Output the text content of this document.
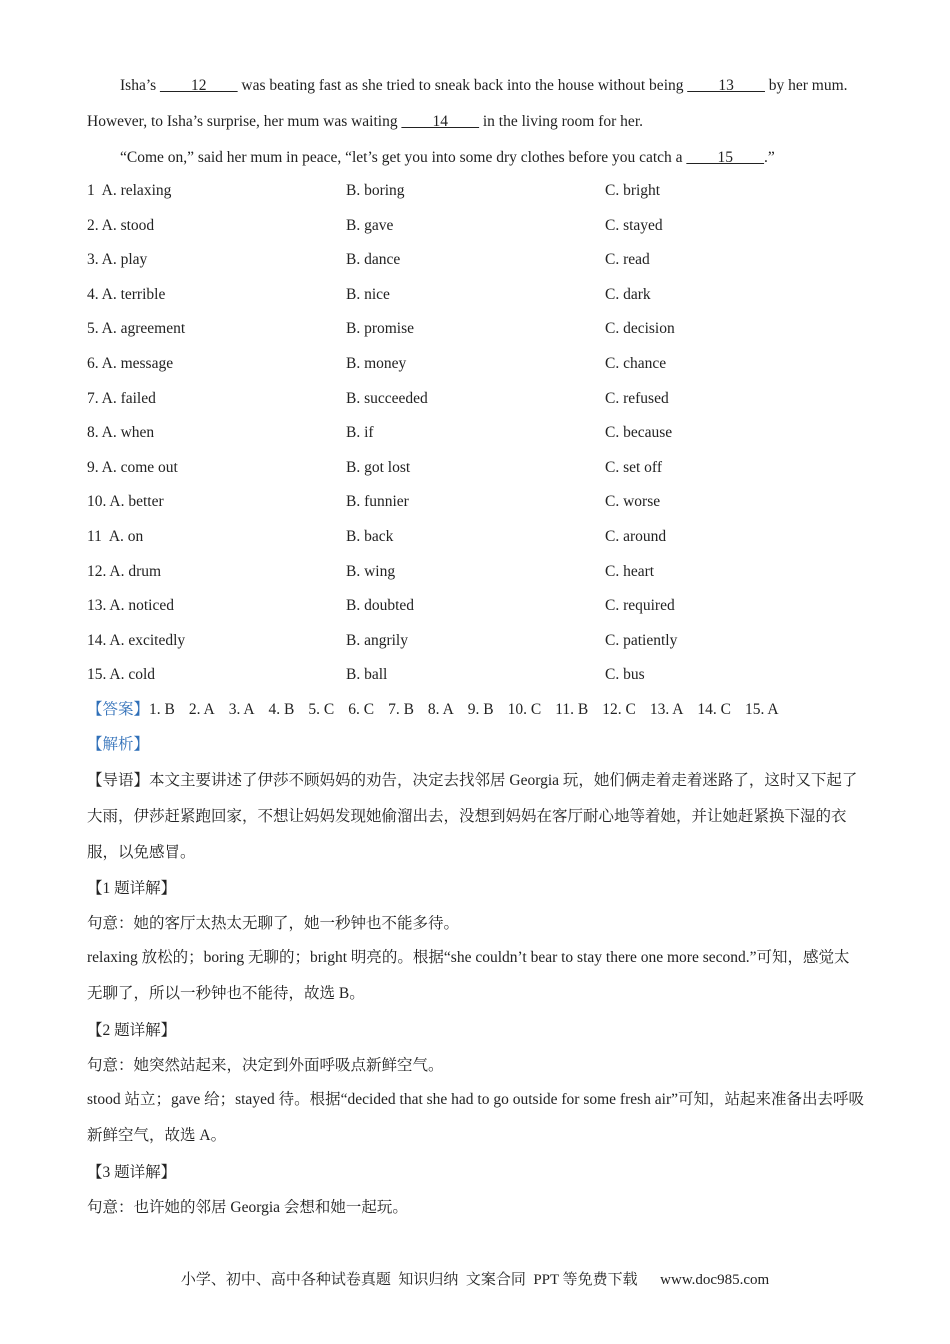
Isha’s ____12____ was beating fast as she tried to sneak back into the house without being ____13____ by her mum. However, to Isha’s surprise, her mum was waiting ____14____ in the living room for her.

“Come on,” said her mum in peace, “let’s get you into some dry clothes before you catch a ____15____.”

1  A. relaxing	B. boring	C. bright
2. A. stood	B. gave	C. stayed
3. A. play	B. dance	C. read
4. A. terrible	B. nice	C. dark
5. A. agreement	B. promise	C. decision
6. A. message	B. money	C. chance
7. A. failed	B. succeeded	C. refused
8. A. when	B. if	C. because
9. A. come out	B. got lost	C. set off
10. A. better	B. funnier	C. worse
11  A. on	B. back	C. around
12. A. drum	B. wing	C. heart
13. A. noticed	B. doubted	C. required
14. A. excitedly	B. angrily	C. patiently
15. A. cold	B. ball	C. bus
【答案】1. B 2. A 3. A 4. B 5. C 6. C 7. B 8. A 9. B 10. C 11. B 12. C 13. A 14. C 15. A
【解析】

【导语】本文主要讲述了伊莎不顾妈妈的劝告，决定去找邻居 Georgia 玩，她们俩走着走着迷路了，这时又下起了大雨，伊莎赶紧跑回家，不想让妈妈发现她偷溜出去，没想到妈妈在客厅耐心地等着她，并让她赶紧换下湿的衣服，以免感冒。

【1 题详解】
句意：她的客厅太热太无聊了，她一秒钟也不能多待。

relaxing 放松的；boring 无聊的；bright 明亮的。根据“she couldn’t bear to stay there one more second.”可知，感觉太无聊了，所以一秒钟也不能待，故选 B。

【2 题详解】
句意：她突然站起来，决定到外面呼吸点新鲜空气。

stood 站立；gave 给；stayed 待。根据“decided that she had to go outside for some fresh air”可知，站起来准备出去呼吸新鲜空气，故选 A。

【3 题详解】
句意：也许她的邻居 Georgia 会想和她一起玩。
小学、初中、高中各种试卷真题  知识归纳  文案合同  PPT 等免费下载      www.doc985.com
